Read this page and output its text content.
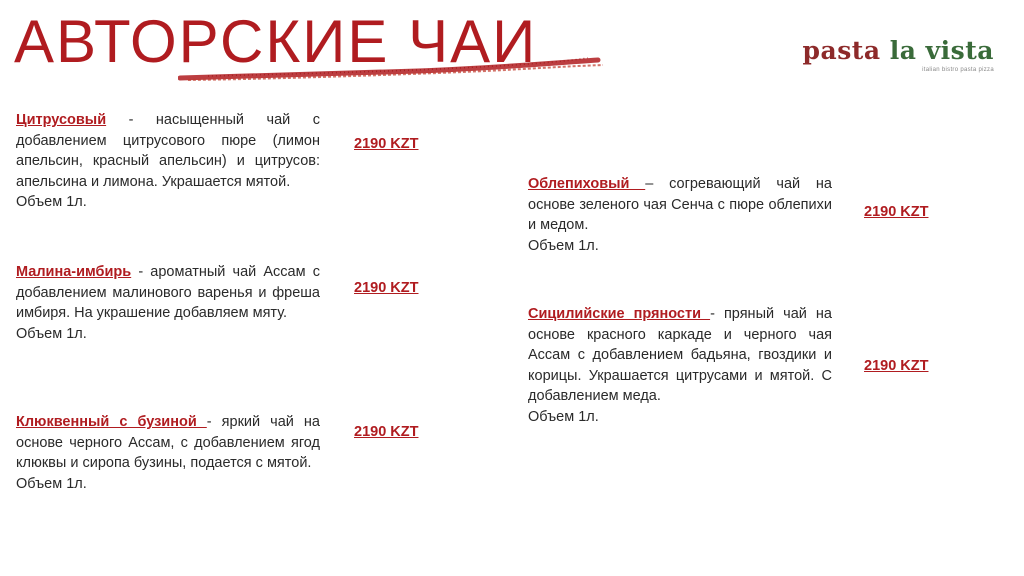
АВТОРСКИЕ ЧАИ	pasta la vista
italian bistro pasta pizza
Цитрусовый - насыщенный чай с добавлением цитрусового пюре (лимон апельсин, красный апельсин) и цитрусов: апельсина и лимона. Украшается мятой.
Объем 1л.
2190 KZT
Малина-имбирь - ароматный чай Ассам с добавлением малинового варенья и фреша имбиря. На украшение добавляем мяту.
Объем 1л.
2190 KZT
Клюквенный с бузиной - яркий чай на основе черного Ассам, с добавлением ягод клюквы и сиропа бузины, подается с мятой.
Объем 1л.
2190 KZT
Облепиховый – согревающий чай на основе зеленого чая Сенча с пюре облепихи и медом.
Объем 1л.
2190 KZT
Сицилийские пряности - пряный чай на основе красного каркаде и черного чая Ассам с добавлением бадьяна, гвоздики и корицы. Украшается цитрусами и мятой. С добавлением меда.
Объем 1л.
2190 KZT
